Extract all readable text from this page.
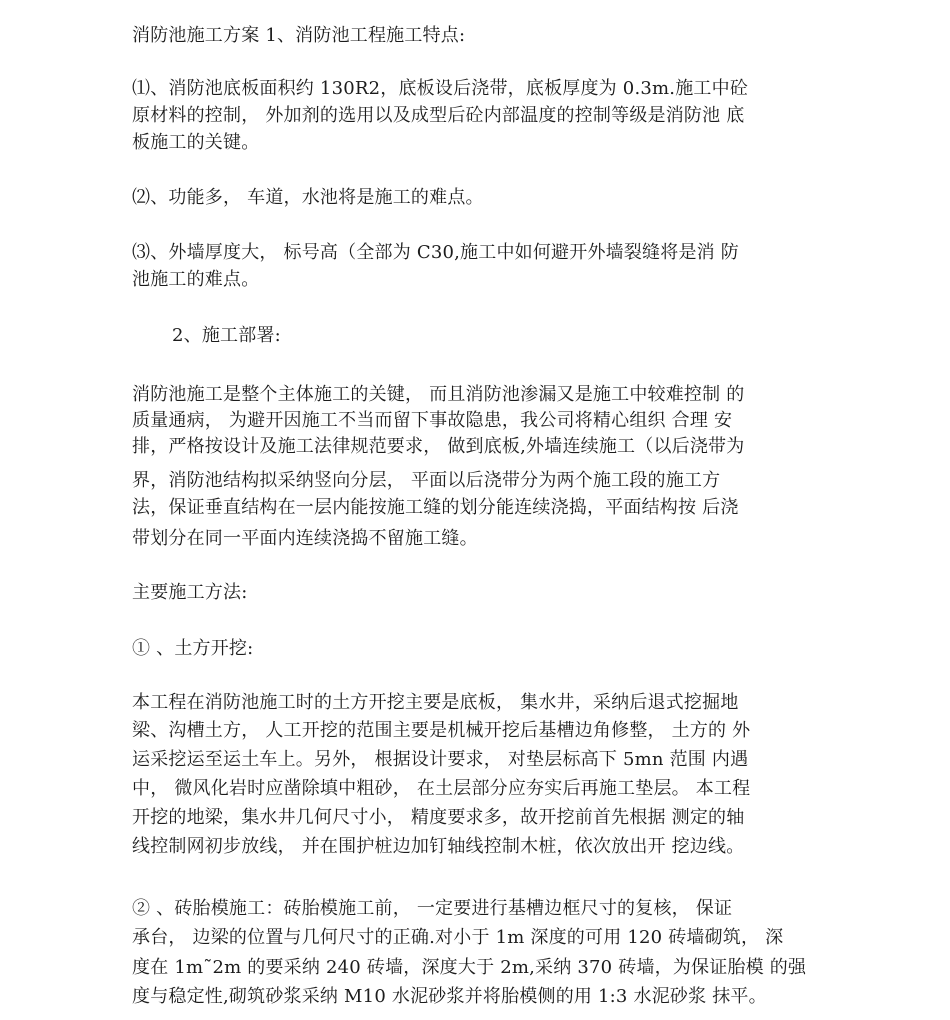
消防池施工方案 1、消防池工程施工特点:
⑴、消防池底板面积约 130R2，底板设后浇带，底板厚度为 0.3m.施工中砼
原材料的控制， 外加剂的选用以及成型后砼内部温度的控制等级是消防池 底
板施工的关键。
⑵、功能多， 车道，水池将是施工的难点。
⑶、外墙厚度大， 标号高（全部为 C30,施工中如何避开外墙裂缝将是消 防
池施工的难点。
2、施工部署:
消防池施工是整个主体施工的关键， 而且消防池渗漏又是施工中较难控制 的
质量通病， 为避开因施工不当而留下事故隐患，我公司将精心组织 合理 安
排，严格按设计及施工法律规范要求， 做到底板,外墙连续施工（以后浇带为
界，消防池结构拟采纳竖向分层， 平面以后浇带分为两个施工段的施工方
法，保证垂直结构在一层内能按施工缝的划分能连续浇捣，平面结构按 后浇
带划分在同一平面内连续浇捣不留施工缝。
主要施工方法:
① 、土方开挖:
本工程在消防池施工时的土方开挖主要是底板， 集水井，采纳后退式挖掘地
梁、沟槽土方， 人工开挖的范围主要是机械开挖后基槽边角修整， 土方的 外
运采挖运至运土车上。另外， 根据设计要求， 对垫层标高下 5mn 范围 内遇
中， 微风化岩时应凿除填中粗砂， 在土层部分应夯实后再施工垫层。 本工程
开挖的地梁，集水井几何尺寸小， 精度要求多，故开挖前首先根据 测定的轴
线控制网初步放线， 并在围护桩边加钉轴线控制木桩，依次放出开 挖边线。
② 、砖胎模施工：砖胎模施工前， 一定要进行基槽边框尺寸的复核， 保证
承台， 边梁的位置与几何尺寸的正确.对小于 1m 深度的可用 120 砖墙砌筑， 深
度在 1m˜2m 的要采纳 240 砖墙，深度大于 2m,采纳 370 砖墙，为保证胎模 的强
度与稳定性,砌筑砂浆采纳 M10 水泥砂浆并将胎模侧的用 1:3 水泥砂浆 抹平。
